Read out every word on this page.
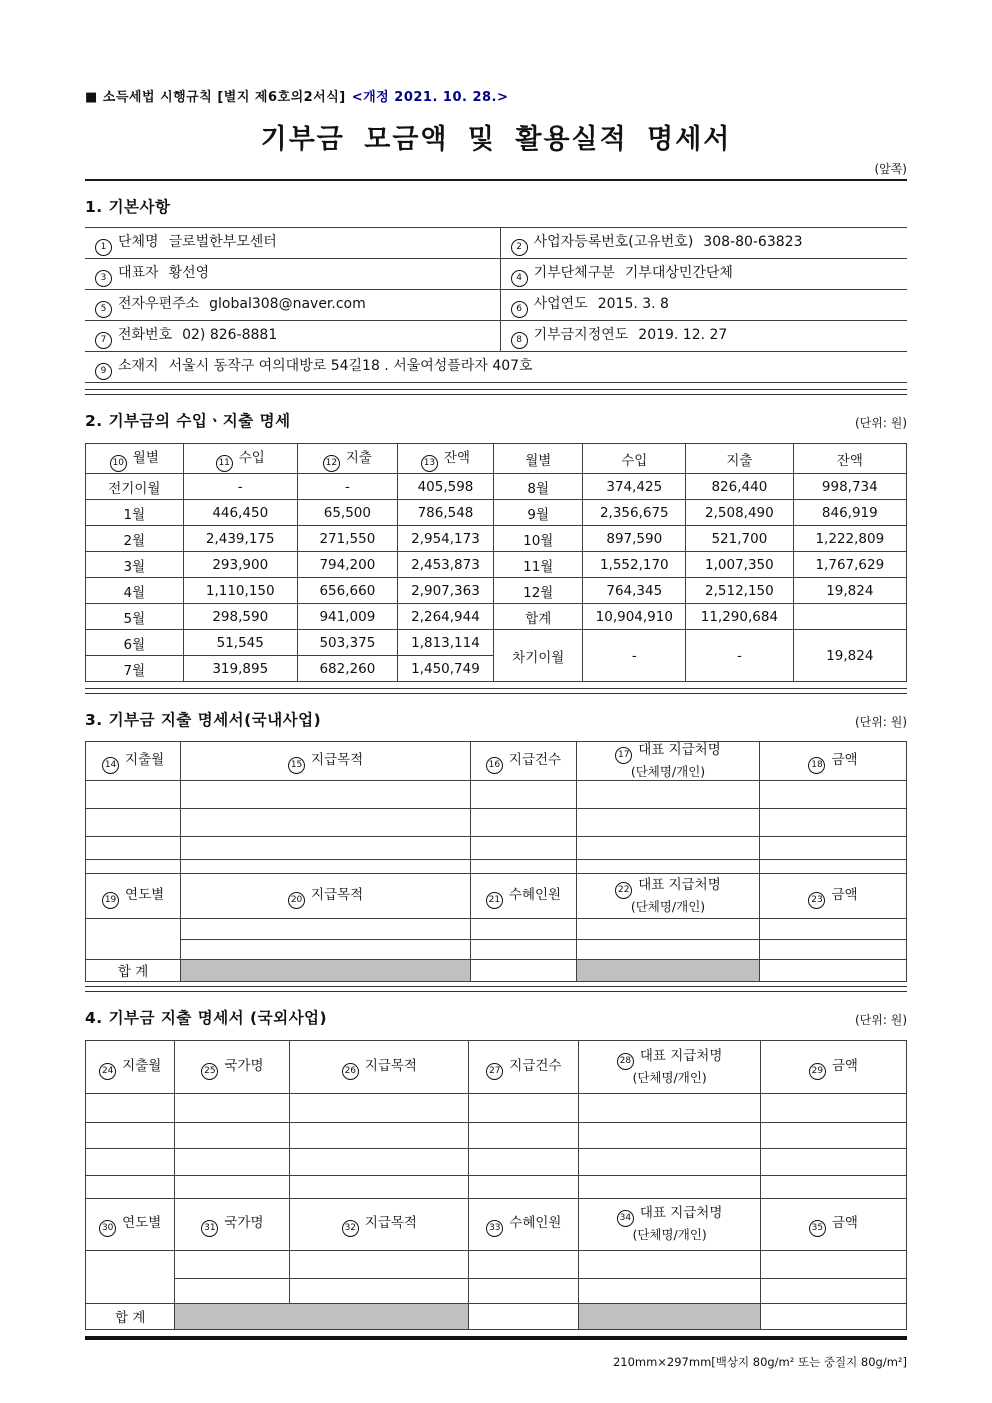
■ 소득세법 시행규칙 [별지 제6호의2서식] <개정 2021. 10. 28.>
기부금 모금액 및 활용실적 명세서
(앞쪽)
1. 기본사항
1 단체명 글로벌한부모센터	2 사업자등록번호(고유번호) 308-80-63823
3 대표자 황선영	4 기부단체구분 기부대상민간단체
5 전자우편주소 global308@naver.com	6 사업연도 2015. 3. 8
7 전화번호 02) 826-8881	8 기부금지정연도 2019. 12. 27
9 소재지 서울시 동작구 여의대방로 54길18 . 서울여성플라자 407호	
2. 기부금의 수입ㆍ지출 명세	(단위: 원)
10 월별	11 수입	12 지출	13 잔액	월별	수입	지출	잔액
전기이월	-	-	405,598	8월	374,425	826,440	998,734
1월	446,450	65,500	786,548	9월	2,356,675	2,508,490	846,919
2월	2,439,175	271,550	2,954,173	10월	897,590	521,700	1,222,809
3월	293,900	794,200	2,453,873	11월	1,552,170	1,007,350	1,767,629
4월	1,110,150	656,660	2,907,363	12월	764,345	2,512,150	19,824
5월	298,590	941,009	2,264,944	합계	10,904,910	11,290,684	
6월	51,545	503,375	1,813,114	차기이월	-	-	19,824
7월	319,895	682,260	1,450,749				
3. 기부금 지출 명세서(국내사업)	(단위: 원)
14 지출월	15 지급목적	16 지급건수	17 대표 지급처명
(단체명/개인)	18 금액

19 연도별	20 지급목적	21 수혜인원	22 대표 지급처명
(단체명/개인)	23 금액

합 계				
4. 기부금 지출 명세서 (국외사업)	(단위: 원)
24 지출월	25 국가명	26 지급목적	27 지급건수	28 대표 지급처명
(단체명/개인)	29 금액

30 연도별	31 국가명	32 지급목적	33 수혜인원	34 대표 지급처명
(단체명/개인)	35 금액

합 계					
210mm×297mm[백상지 80g/m² 또는 중질지 80g/m²]
